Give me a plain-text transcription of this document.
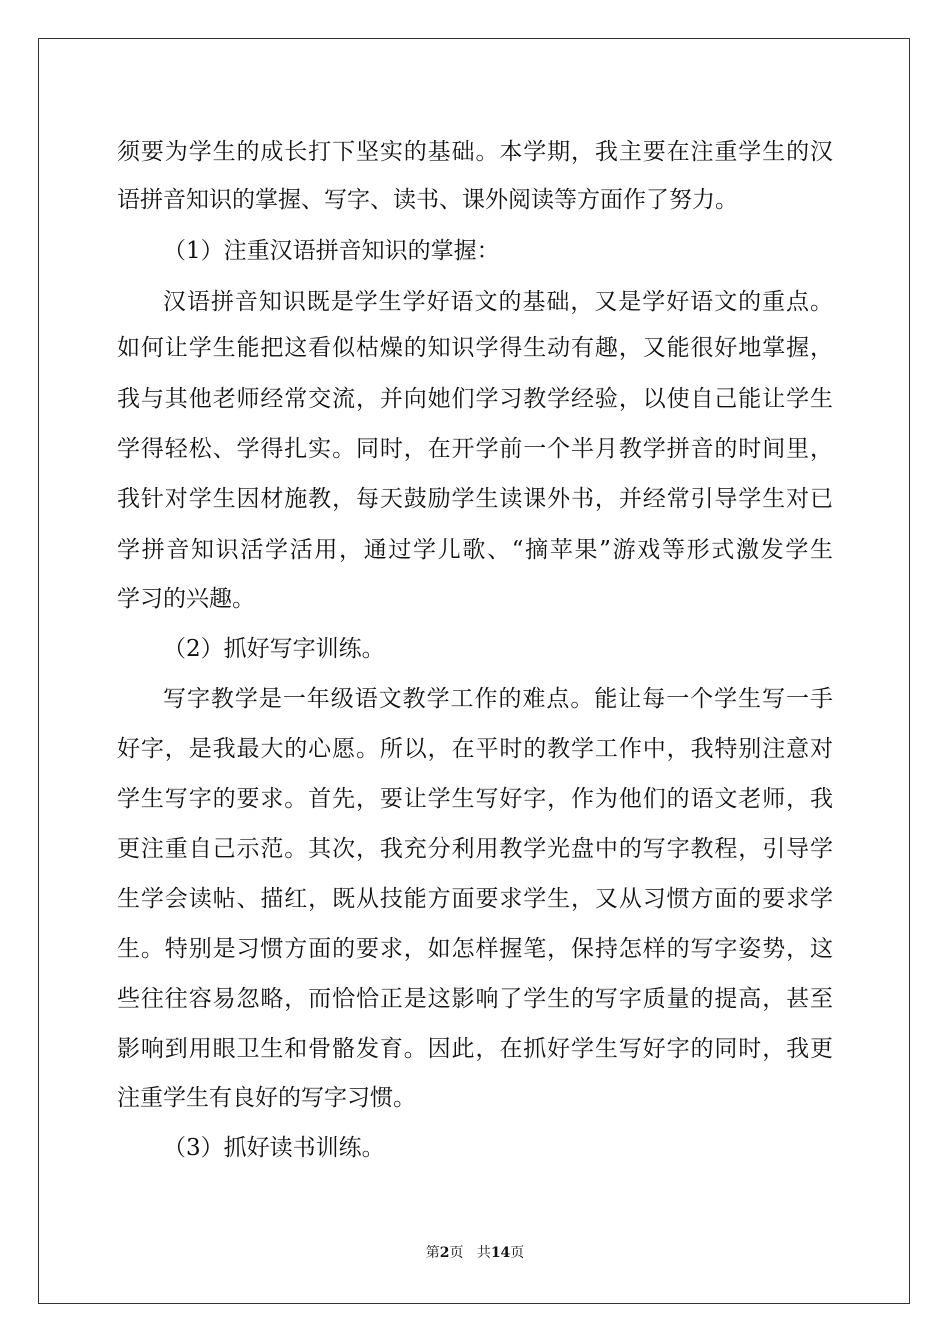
须要为学生的成长打下坚实的基础。本学期，我主要在注重学生的汉
语拼音知识的掌握、写字、读书、课外阅读等方面作了努力。
（1）注重汉语拼音知识的掌握：
汉语拼音知识既是学生学好语文的基础，又是学好语文的重点。
如何让学生能把这看似枯燥的知识学得生动有趣，又能很好地掌握，
我与其他老师经常交流，并向她们学习教学经验，以使自己能让学生
学得轻松、学得扎实。同时，在开学前一个半月教学拼音的时间里，
我针对学生因材施教，每天鼓励学生读课外书，并经常引导学生对已
学拼音知识活学活用，通过学儿歌、“摘苹果”游戏等形式激发学生
学习的兴趣。
（2）抓好写字训练。
写字教学是一年级语文教学工作的难点。能让每一个学生写一手
好字，是我最大的心愿。所以，在平时的教学工作中，我特别注意对
学生写字的要求。首先，要让学生写好字，作为他们的语文老师，我
更注重自己示范。其次，我充分利用教学光盘中的写字教程，引导学
生学会读帖、描红，既从技能方面要求学生，又从习惯方面的要求学
生。特别是习惯方面的要求，如怎样握笔，保持怎样的写字姿势，这
些往往容易忽略，而恰恰正是这影响了学生的写字质量的提高，甚至
影响到用眼卫生和骨骼发育。因此，在抓好学生写好字的同时，我更
注重学生有良好的写字习惯。
（3）抓好读书训练。
第2页 共14页
